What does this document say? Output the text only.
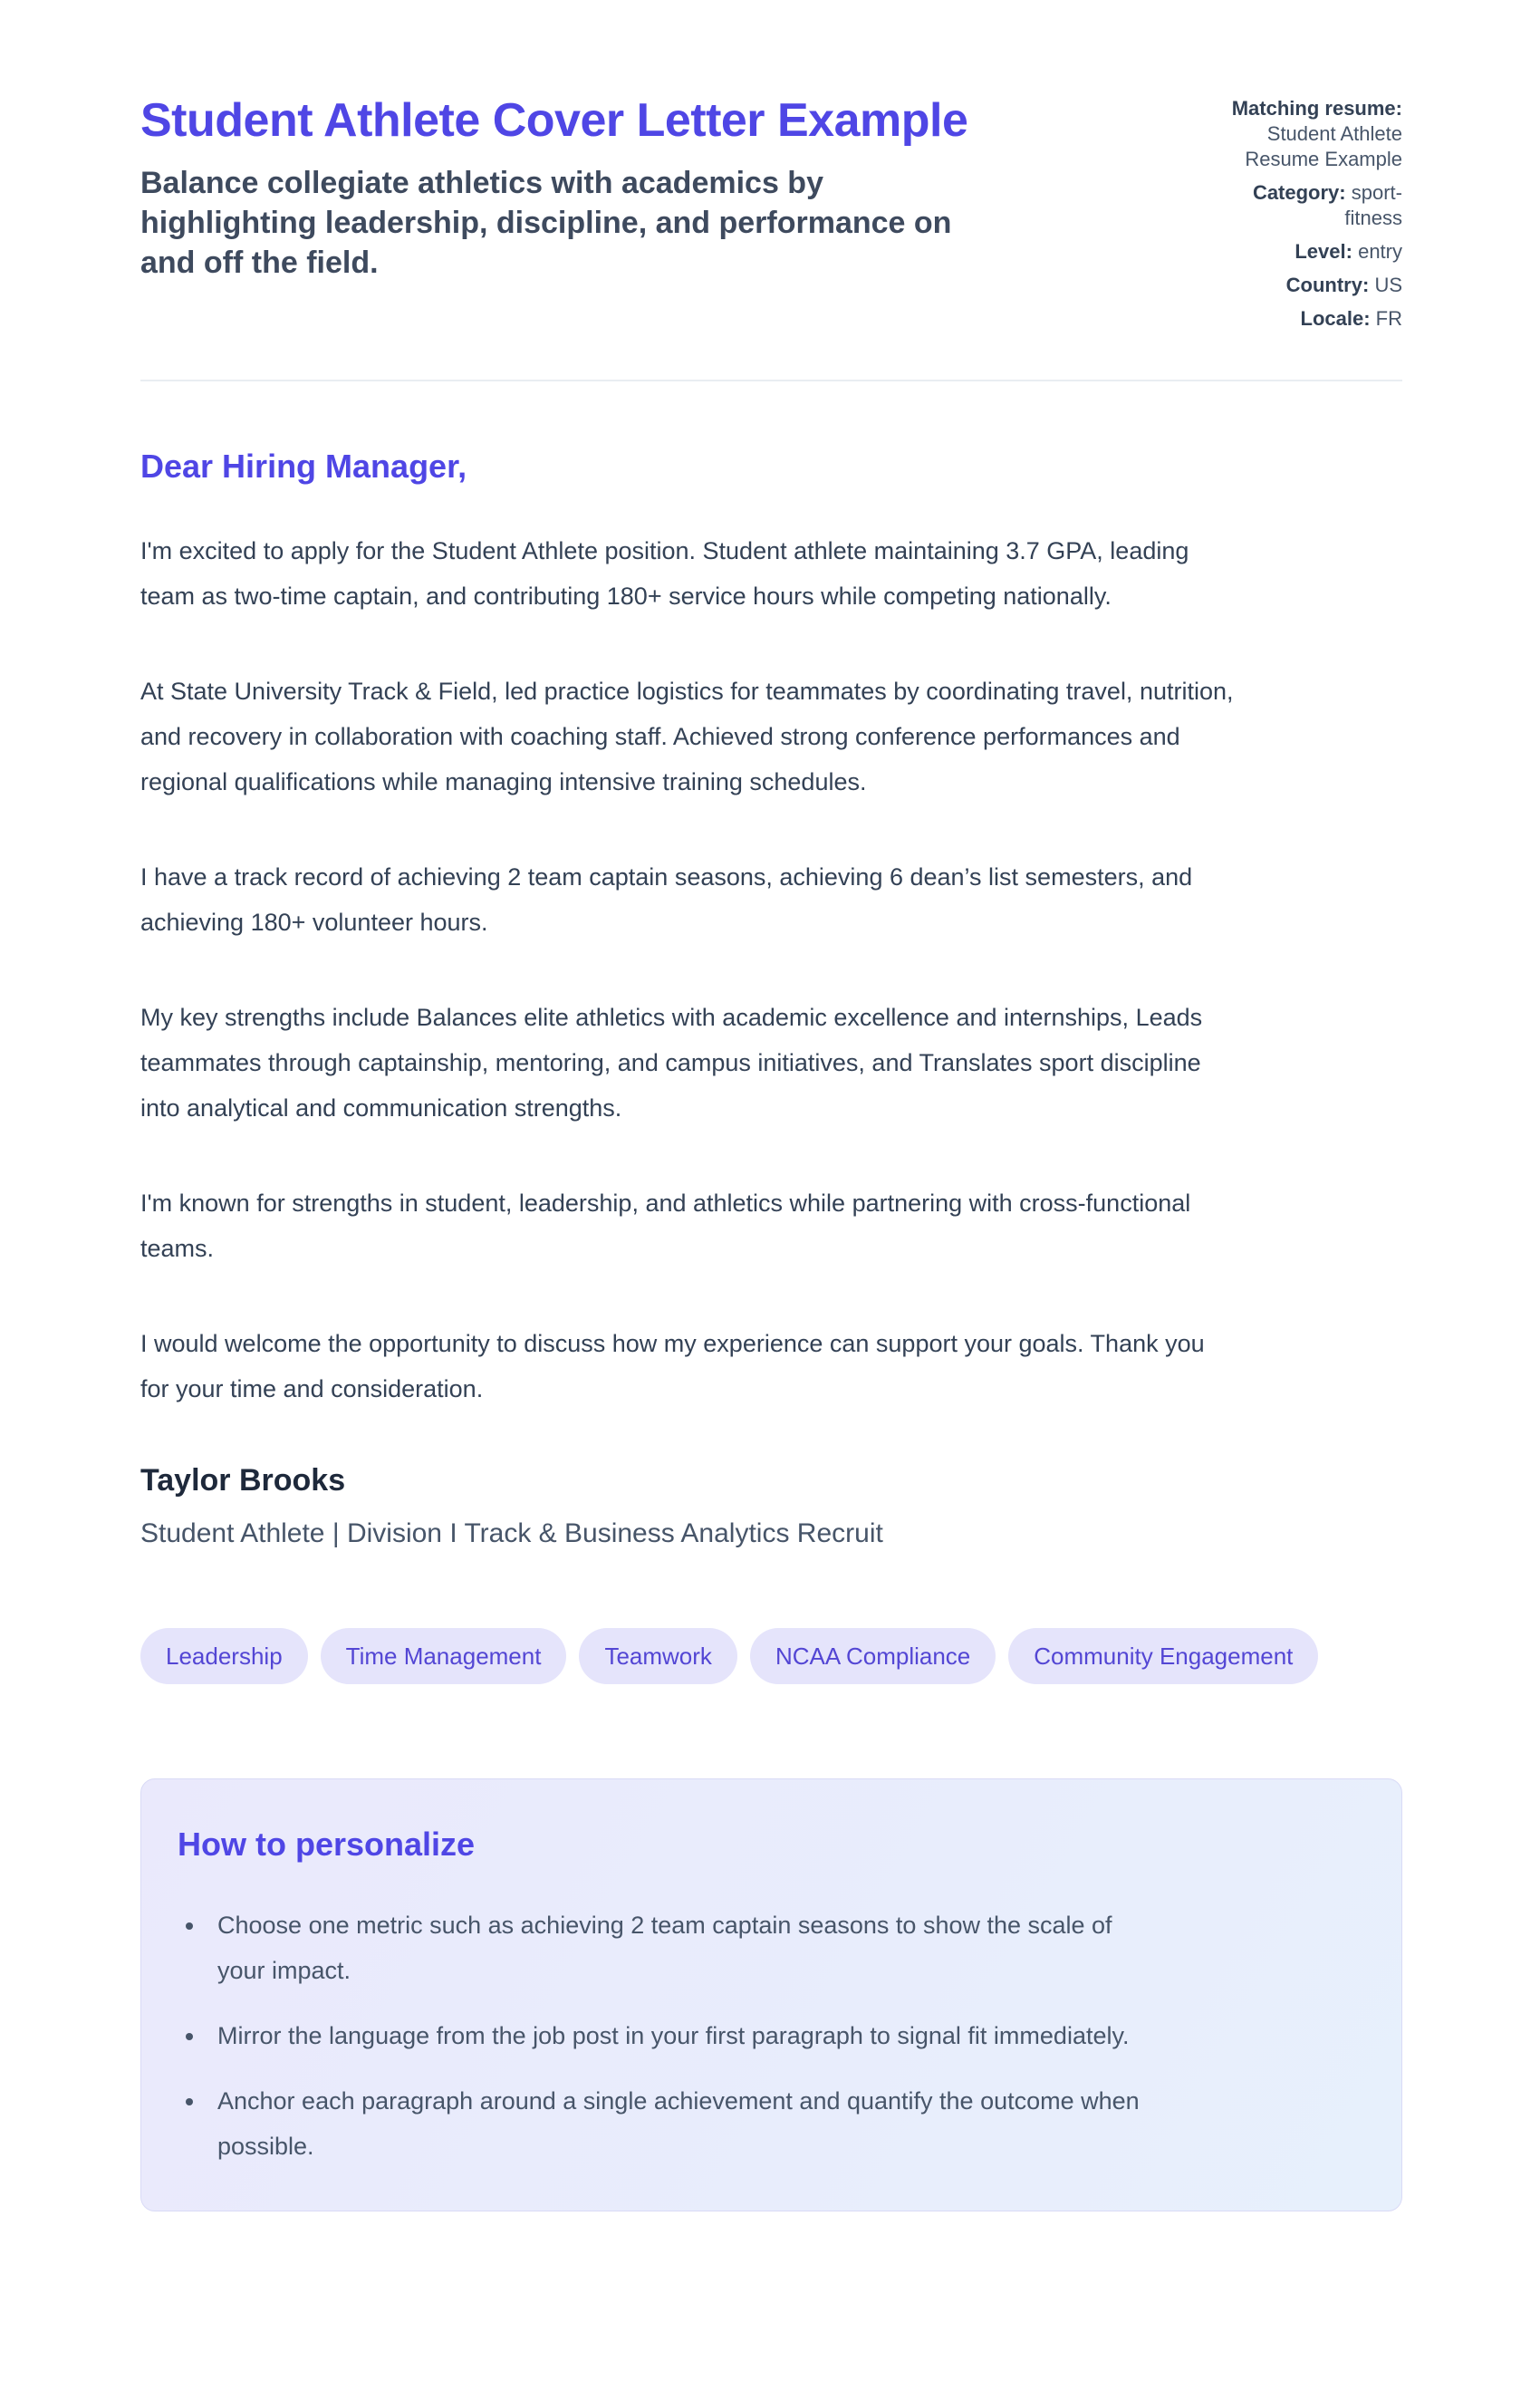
Student Athlete Cover Letter Example

Balance collegiate athletics with academics by highlighting leadership, discipline, and performance on and off the field.

Matching resume: Student Athlete Resume Example
Category: sport-fitness
Level: entry
Country: US
Locale: FR

Dear Hiring Manager,

I'm excited to apply for the Student Athlete position. Student athlete maintaining 3.7 GPA, leading team as two-time captain, and contributing 180+ service hours while competing nationally.

At State University Track & Field, led practice logistics for teammates by coordinating travel, nutrition, and recovery in collaboration with coaching staff. Achieved strong conference performances and regional qualifications while managing intensive training schedules.

I have a track record of achieving 2 team captain seasons, achieving 6 dean’s list semesters, and achieving 180+ volunteer hours.

My key strengths include Balances elite athletics with academic excellence and internships, Leads teammates through captainship, mentoring, and campus initiatives, and Translates sport discipline into analytical and communication strengths.

I'm known for strengths in student, leadership, and athletics while partnering with cross-functional teams.

I would welcome the opportunity to discuss how my experience can support your goals. Thank you for your time and consideration.

Taylor Brooks

Student Athlete | Division I Track & Business Analytics Recruit

Leadership	Time Management	Teamwork	NCAA Compliance	Community Engagement
How to personalize
• Choose one metric such as achieving 2 team captain seasons to show the scale of your impact.
• Mirror the language from the job post in your first paragraph to signal fit immediately.
• Anchor each paragraph around a single achievement and quantify the outcome when possible.
